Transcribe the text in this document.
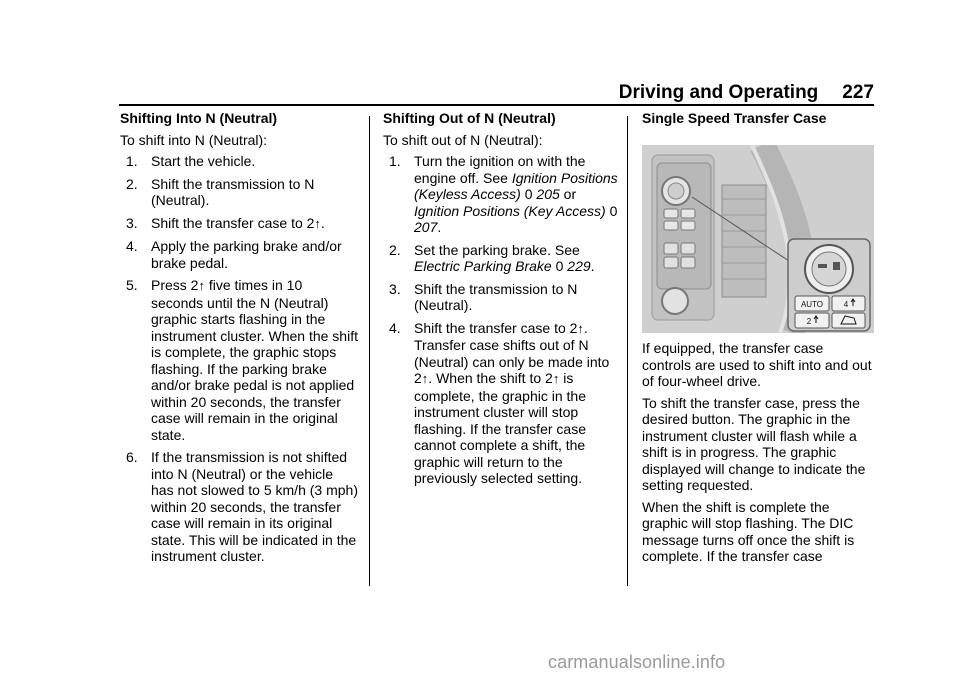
Driving and Operating 227
Shifting Into N (Neutral)

To shift into N (Neutral):

1. Start the vehicle.
2. Shift the transmission to N (Neutral).
3. Shift the transfer case to 2↑.
4. Apply the parking brake and/or brake pedal.
5. Press 2↑ five times in 10 seconds until the N (Neutral) graphic starts flashing in the instrument cluster. When the shift is complete, the graphic stops flashing. If the parking brake and/or brake pedal is not applied within 20 seconds, the transfer case will remain in the original state.
6. If the transmission is not shifted into N (Neutral) or the vehicle has not slowed to 5 km/h (3 mph) within 20 seconds, the transfer case will remain in its original state. This will be indicated in the instrument cluster.
Shifting Out of N (Neutral)

To shift out of N (Neutral):

1. Turn the ignition on with the engine off. See Ignition Positions (Keyless Access) 0 205 or Ignition Positions (Key Access) 0 207.
2. Set the parking brake. See Electric Parking Brake 0 229.
3. Shift the transmission to N (Neutral).
4. Shift the transfer case to 2↑. Transfer case shifts out of N (Neutral) can only be made into 2↑. When the shift to 2↑ is complete, the graphic in the instrument cluster will stop flashing. If the transfer case cannot complete a shift, the graphic will return to the previously selected setting.
Single Speed Transfer Case
AUTO	4
2

If equipped, the transfer case controls are used to shift into and out of four-wheel drive.

To shift the transfer case, press the desired button. The graphic in the instrument cluster will flash while a shift is in progress. The graphic displayed will change to indicate the setting requested.

When the shift is complete the graphic will stop flashing. The DIC message turns off once the shift is complete. If the transfer case

carmanualsonline.info
